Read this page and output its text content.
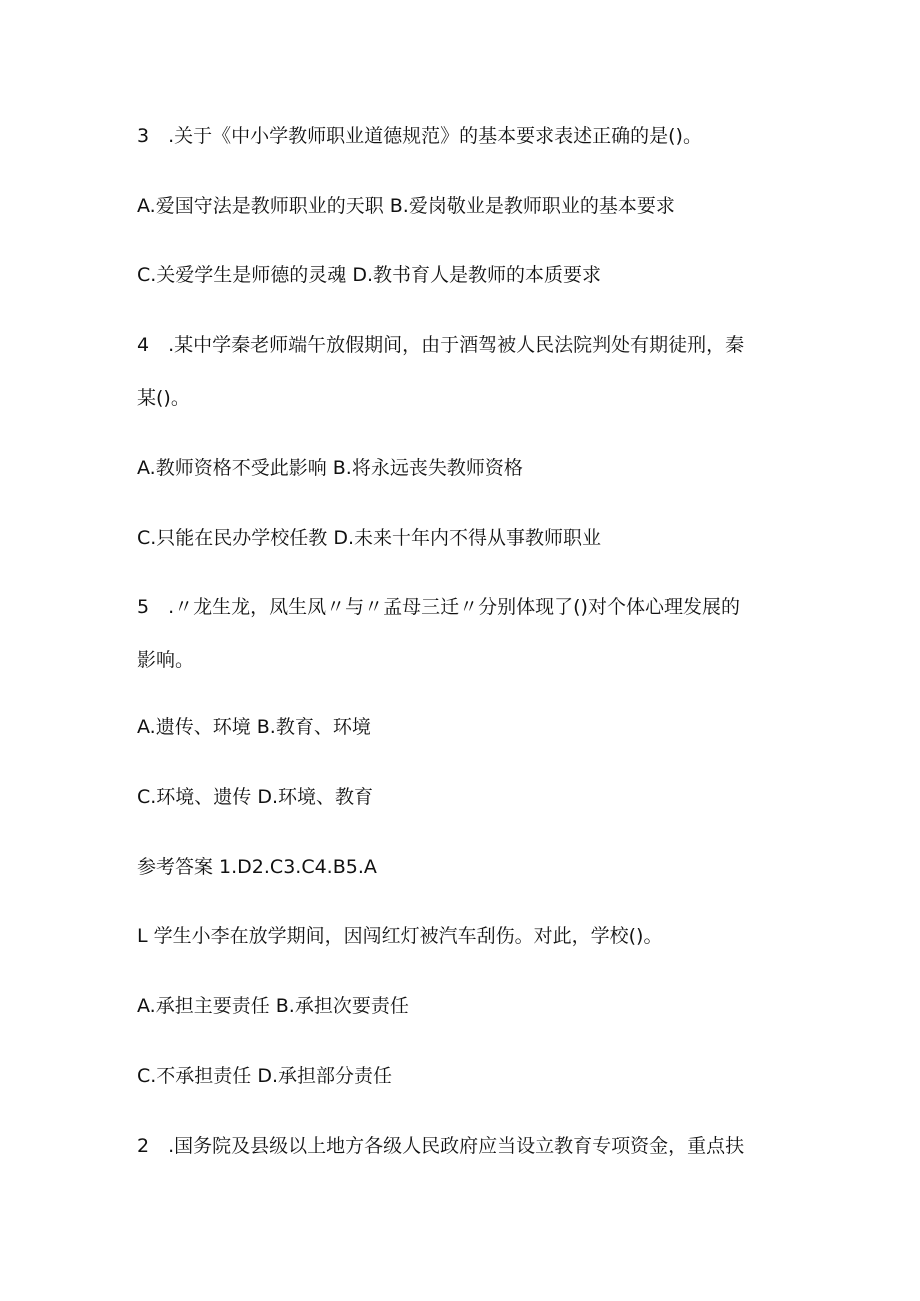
3　.关于《中小学教师职业道德规范》的基本要求表述正确的是()。
A.爱国守法是教师职业的天职 B.爱岗敬业是教师职业的基本要求
C.关爱学生是师德的灵魂 D.教书育人是教师的本质要求
4　.某中学秦老师端午放假期间，由于酒驾被人民法院判处有期徒刑，秦
某()。
A.教师资格不受此影响 B.将永远丧失教师资格
C.只能在民办学校任教 D.未来十年内不得从事教师职业
5　.〃龙生龙，凤生凤〃与〃孟母三迁〃分别体现了()对个体心理发展的
影响。
A.遗传、环境 B.教育、环境
C.环境、遗传 D.环境、教育
参考答案 1.D2.C3.C4.B5.A
L 学生小李在放学期间，因闯红灯被汽车刮伤。对此，学校()。
A.承担主要责任 B.承担次要责任
C.不承担责任 D.承担部分责任
2　.国务院及县级以上地方各级人民政府应当设立教育专项资金，重点扶
